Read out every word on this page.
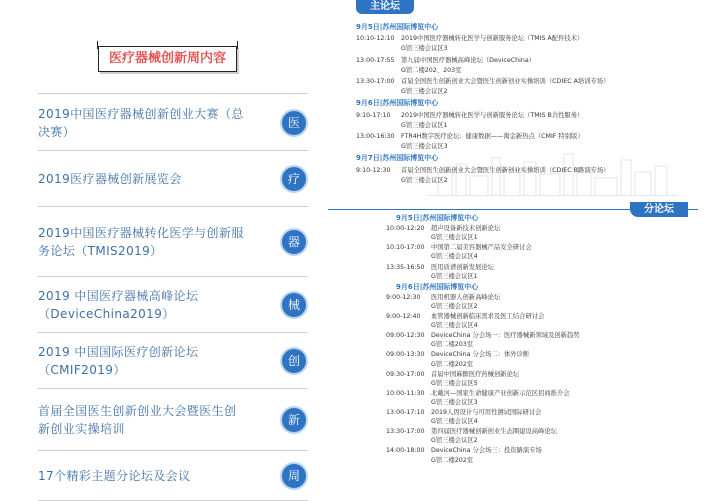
医疗器械创新周内容
2019中国医疗器械创新创业大赛（总决赛）
医
2019医疗器械创新展览会	疗
2019中国医疗器械转化医学与创新服务论坛（TMIS2019）
器
2019 中国医疗器械高峰论坛（DeviceChina2019）
械
2019 中国国际医疗创新论坛（CMIF2019）
创
首届全国医生创新创业大会暨医生创新创业实操培训
新
17个精彩主题分论坛及会议	周
主论坛
9月5日|苏州国际博览中心
10:10-12:10 2019中国医疗器械转化医学与创新服务论坛（TMIS A配件技术）
G馆三楼会议区3
13:00-17:55 第九届中国医疗器械高峰论坛（DeviceChina）
G馆二楼202、203室
13:30-17:00 首届全国医生创新创业大会暨医生创新创业实操培训（CDIEC A培训专场）
G馆三楼会议区2
9月6日|苏州国际博览中心
9:10-17:10 2019中国医疗器械转化医学与创新服务论坛（TMIS B共性服务）
G馆三楼会议区1
13:00-16:30 FTR4H数字医疗论坛：健康数据——淘金新热点（CMIF 特别版）
G馆三楼会议区3
9月7日|苏州国际博览中心
9:10-12:30 首届全国医生创新创业大会暨医生创新创业实操培训（CDIEC B路演专场）
G馆三楼会议区2
分论坛
9月5日|苏州国际博览中心
10:00-12:20 超声设备新技术创新论坛
G馆三楼会议区1
10:10-17:00 中国第二届美容器械产品安全研讨会
G馆三楼会议区4
13:35-16:50 医用质谱创新发展论坛
G馆三楼会议区1
9月6日|苏州国际博览中心
9:00-12:30 医用机器人创新高峰论坛
G馆三楼会议区2
9:00-12:40 血管器械创新临床需求及医工结合研讨会
G馆三楼会议区4
09:00-12:30 DeviceChina 分会场一：医疗器械新领域及创新趋势
G馆二楼203室
09:00-13:30 DeviceChina 分会场二：体外诊断
G馆二楼202室
09:30-17:00 首届中国麻醉医疗药械创新论坛
G馆三楼会议区5
10:00-11:30 北戴河—国家生命健康产业创新示范区招商推介会
G馆三楼会议区3
13:00-17:10 2019人因设计与可用性测试国际研讨会
G馆三楼会议区4
13:30-17:00 第四届医疗器械创新创业生态圈建设高峰论坛
G馆三楼会议区2
14:00-18:00 DeviceChina 分会场三：投资路演专场
G馆二楼202室
